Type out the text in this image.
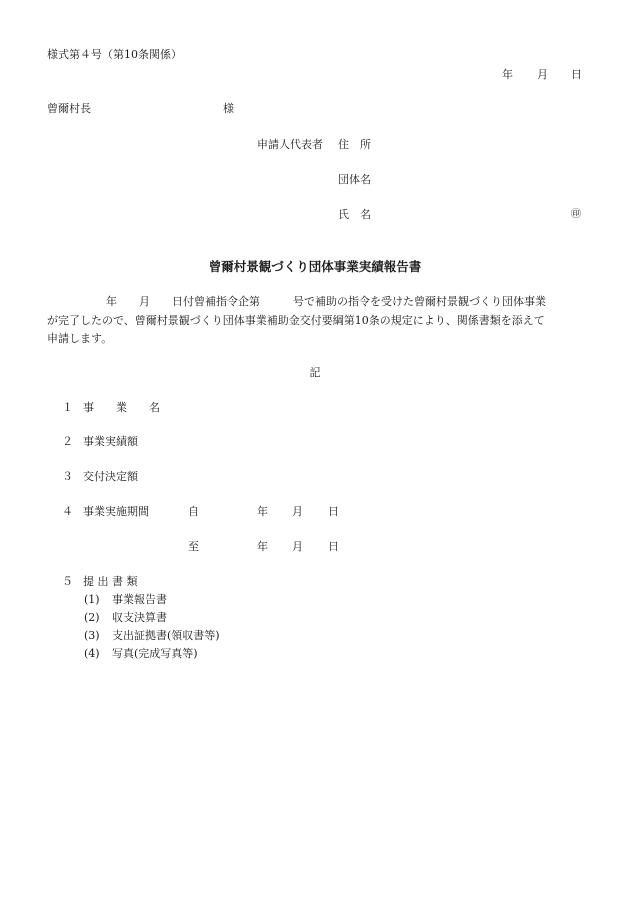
様式第４号（第10条関係）
年 月 日
曾爾村長	様
申請人代表者 住　所
団体名
氏　名	㊞
曾爾村景観づくり団体事業実績報告書
年　　月　　日付曾補指令企第　　　号で補助の指令を受けた曾爾村景観づくり団体事業
が完了したので、曾爾村景観づくり団体事業補助金交付要綱第10条の規定により、関係書類を添えて
申請します。
記
１ 事　　業　　名
２ 事業実績額
３ 交付決定額
４ 事業実施期間	自	年 月 日
至	年 月 日
５ 提 出 書 類
(1) 事業報告書
(2) 収支決算書
(3) 支出証拠書(領収書等)
(4) 写真(完成写真等)
